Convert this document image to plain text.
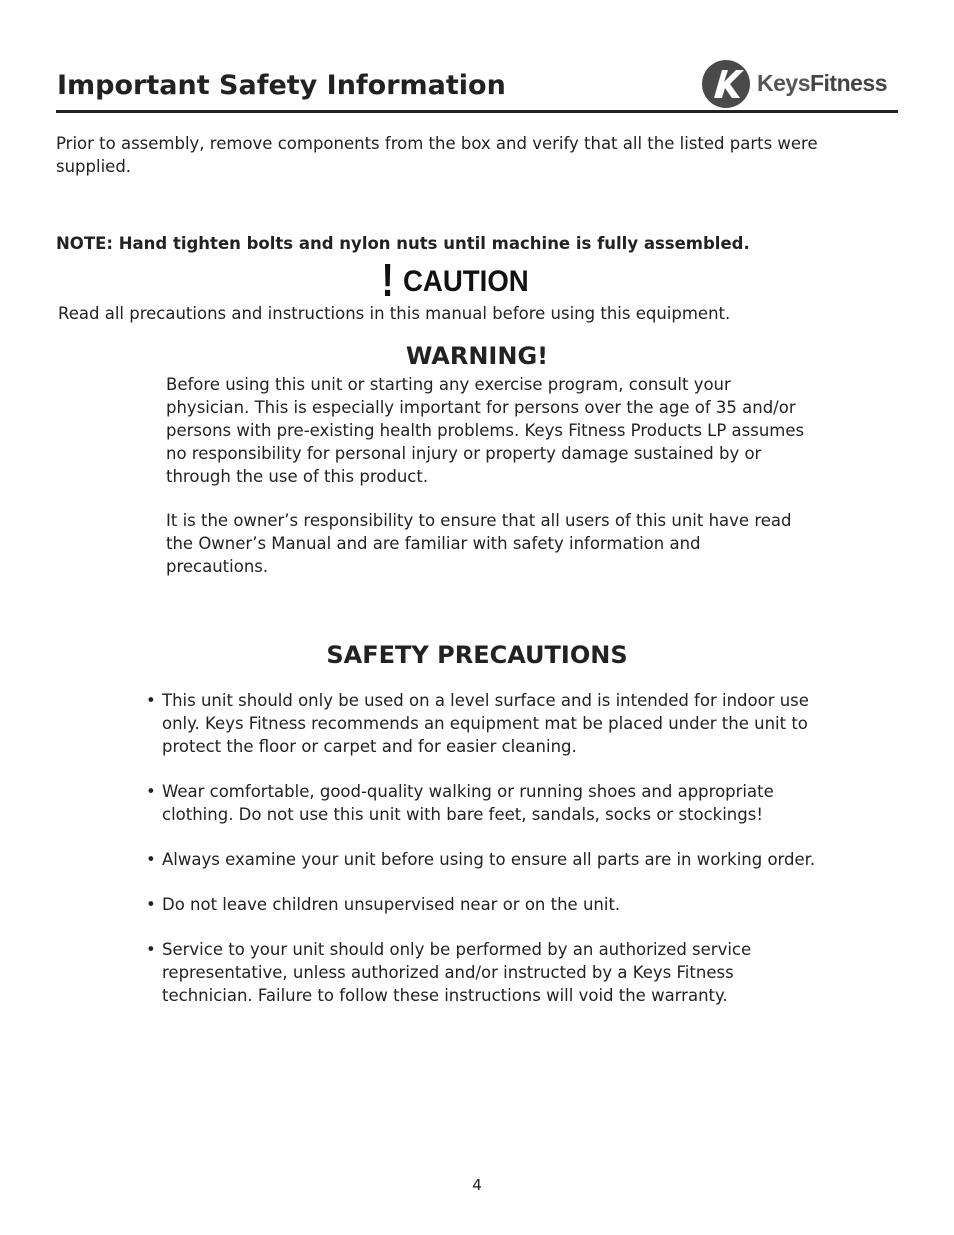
Important Safety Information	KeysFitness

Prior to assembly, remove components from the box and verify that all the listed parts were supplied.

NOTE: Hand tighten bolts and nylon nuts until machine is fully assembled.

! CAUTION

Read all precautions and instructions in this manual before using this equipment.

WARNING!

Before using this unit or starting any exercise program, consult your physician. This is especially important for persons over the age of 35 and/or persons with pre-existing health problems. Keys Fitness Products LP assumes no responsibility for personal injury or property damage sustained by or through the use of this product.

It is the owner’s responsibility to ensure that all users of this unit have read the Owner’s Manual and are familiar with safety information and precautions.

SAFETY PRECAUTIONS
• This unit should only be used on a level surface and is intended for indoor use only. Keys Fitness recommends an equipment mat be placed under the unit to protect the floor or carpet and for easier cleaning.
• Wear comfortable, good-quality walking or running shoes and appropriate clothing. Do not use this unit with bare feet, sandals, socks or stockings!
• Always examine your unit before using to ensure all parts are in working order.
• Do not leave children unsupervised near or on the unit.
• Service to your unit should only be performed by an authorized service representative, unless authorized and/or instructed by a Keys Fitness technician. Failure to follow these instructions will void the warranty.
4
